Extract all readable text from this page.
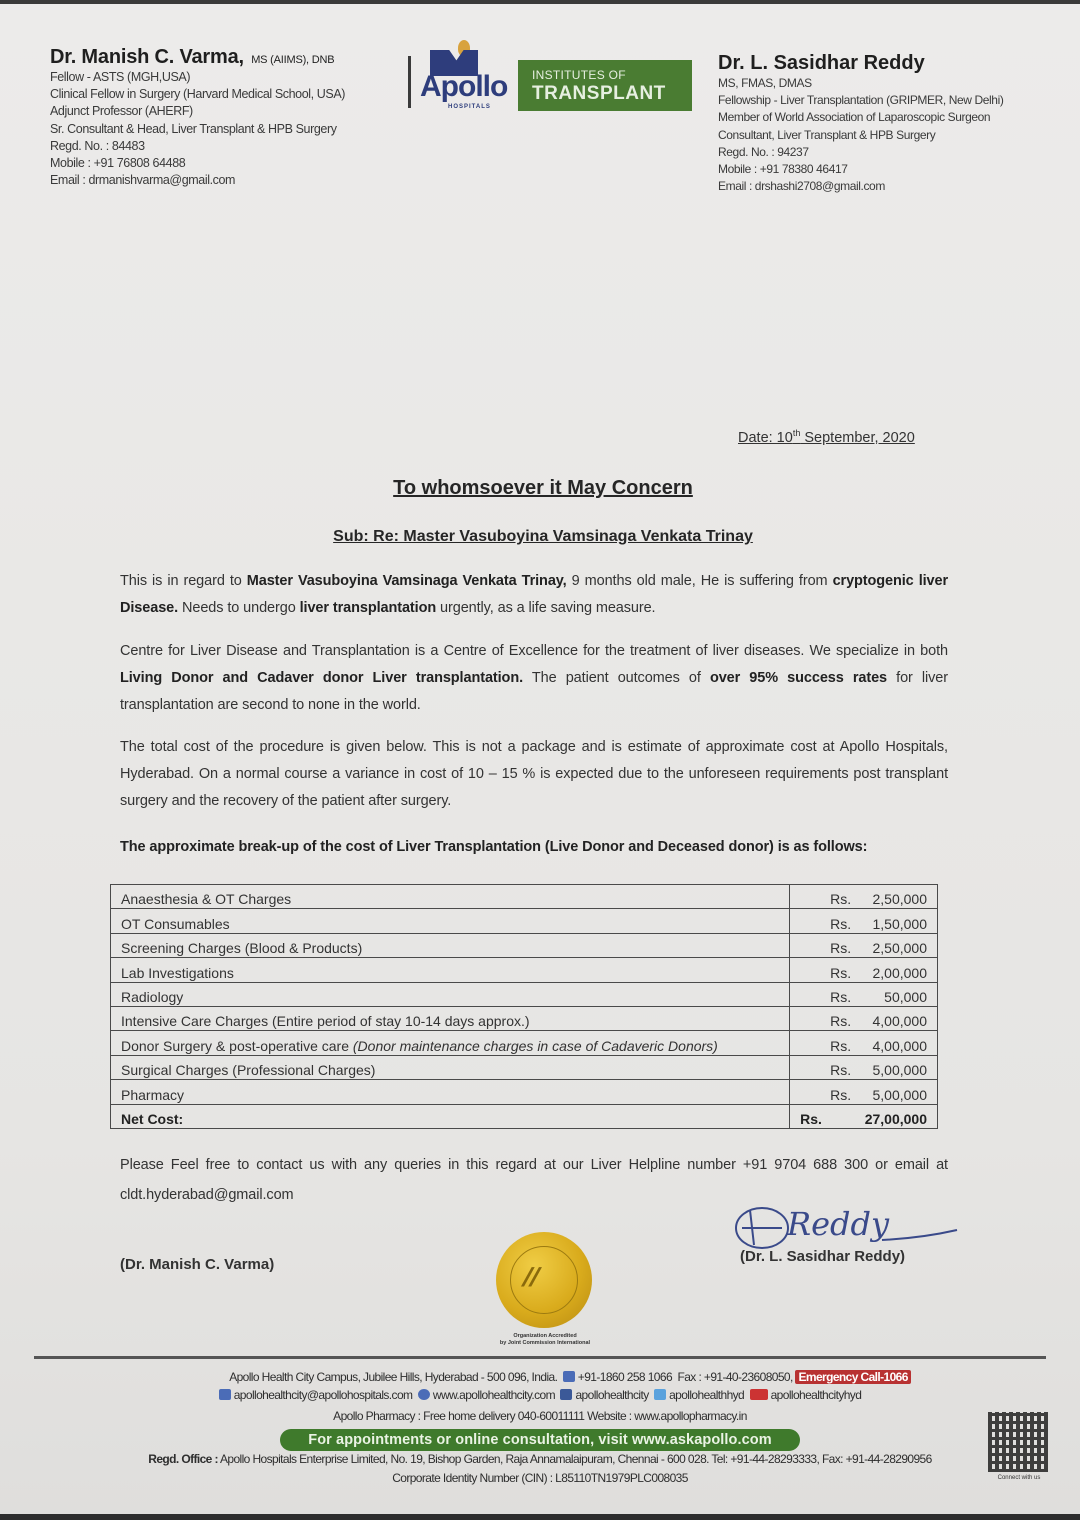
Dr. Manish C. Varma, MS (AIIMS), DNB
Fellow - ASTS (MGH,USA)
Clinical Fellow in Surgery (Harvard Medical School, USA)
Adjunct Professor (AHERF)
Sr. Consultant & Head, Liver Transplant & HPB Surgery
Regd. No. : 84483
Mobile : +91 76808 64488
Email : drmanishvarma@gmail.com
Apollo
HOSPITALS
INSTITUTES OF
TRANSPLANT
Dr. L. Sasidhar Reddy
MS, FMAS, DMAS
Fellowship - Liver Transplantation (GRIPMER, New Delhi)
Member of World Association of Laparoscopic Surgeon
Consultant, Liver Transplant & HPB Surgery
Regd. No. : 94237
Mobile : +91 78380 46417
Email : drshashi2708@gmail.com
Date: 10th September, 2020
To whomsoever it May Concern
Sub: Re: Master Vasuboyina Vamsinaga Venkata Trinay
This is in regard to Master Vasuboyina Vamsinaga Venkata Trinay, 9 months old male, He is suffering from cryptogenic liver Disease. Needs to undergo liver transplantation urgently, as a life saving measure.
Centre for Liver Disease and Transplantation is a Centre of Excellence for the treatment of liver diseases. We specialize in both Living Donor and Cadaver donor Liver transplantation. The patient outcomes of over 95% success rates for liver transplantation are second to none in the world.
The total cost of the procedure is given below. This is not a package and is estimate of approximate cost at Apollo Hospitals, Hyderabad. On a normal course a variance in cost of 10 – 15 % is expected due to the unforeseen requirements post transplant surgery and the recovery of the patient after surgery.
The approximate break-up of the cost of Liver Transplantation (Live Donor and Deceased donor) is as follows:
Anaesthesia & OT Charges	Rs. 2,50,000
OT Consumables	Rs. 1,50,000
Screening Charges (Blood & Products)	Rs. 2,50,000
Lab Investigations	Rs. 2,00,000
Radiology	Rs. 50,000
Intensive Care Charges (Entire period of stay 10-14 days approx.)	Rs. 4,00,000
Donor Surgery & post-operative care (Donor maintenance charges in case of Cadaveric Donors)	Rs. 4,00,000
Surgical Charges (Professional Charges)	Rs. 5,00,000
Pharmacy	Rs. 5,00,000
Net Cost:	Rs. 27,00,000
Please Feel free to contact us with any queries in this regard at our Liver Helpline number +91 9704 688 300 or email at cldt.hyderabad@gmail.com
Reddy
(Dr. Manish C. Varma)	(Dr. L. Sasidhar Reddy)
//
Organization Accredited
by Joint Commission International
Apollo Health City Campus, Jubilee Hills, Hyderabad - 500 096, India. +91-1860 258 1066 Fax : +91-40-23608050, Emergency Call-1066
apollohealthcity@apollohospitals.com www.apollohealthcity.com apollohealthcity apollohealthhyd apollohealthcityhyd
Apollo Pharmacy : Free home delivery 040-60011111 Website : www.apollopharmacy.in
For appointments or online consultation, visit www.askapollo.com
Regd. Office : Apollo Hospitals Enterprise Limited, No. 19, Bishop Garden, Raja Annamalaipuram, Chennai - 600 028. Tel: +91-44-28293333, Fax: +91-44-28290956
Corporate Identity Number (CIN) : L85110TN1979PLC008035	Connect with us
